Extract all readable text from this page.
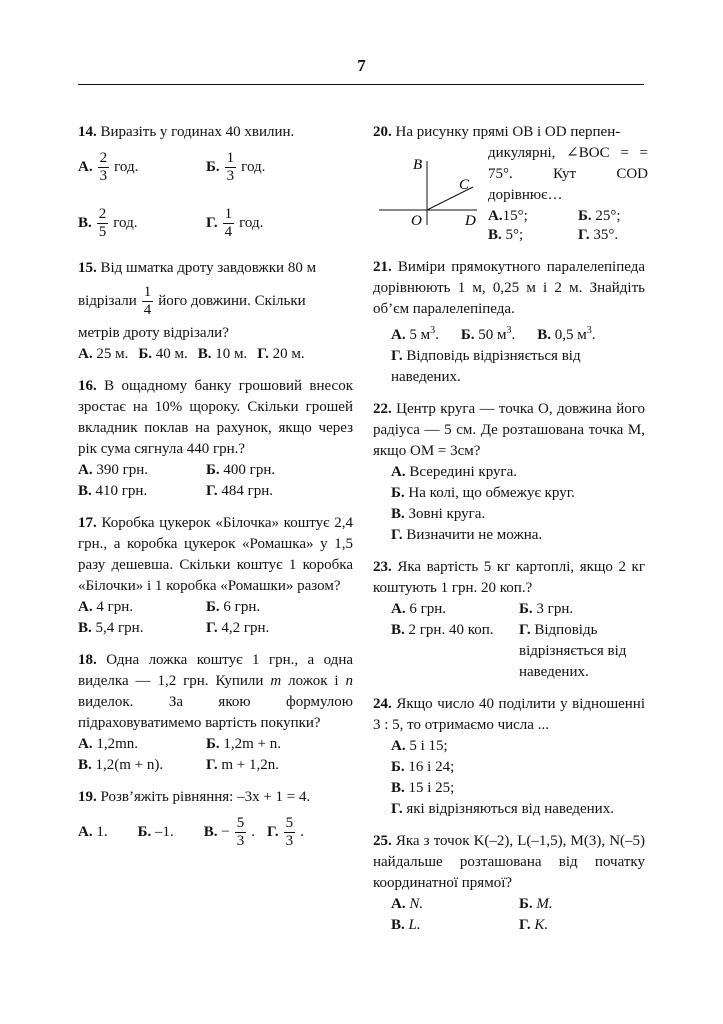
7
14. Виразіть у годинах 40 хвилин.
А. $\frac{2}{3}$ год.	Б. $\frac{1}{3}$ год.
В. $\frac{2}{5}$ год.	Г. $\frac{1}{4}$ год.
15. Від шматка дроту завдовжки 80 м
відрізали $\frac{1}{4}$ його довжини. Скільки
метрів дроту відрізали?
А. 25 м. Б. 40 м. В. 10 м. Г. 20 м.
16. В ощадному банку грошовий внесок зростає на 10% щороку. Скільки грошей вкладник поклав на рахунок, якщо через рік сума сягнула 440 грн.?
А. 390 грн.	Б. 400 грн.
В. 410 грн.	Г. 484 грн.
17. Коробка цукерок «Білочка» коштує 2,4 грн., а коробка цукерок «Ромашка» у 1,5 разу дешевша. Скільки коштує 1 коробка «Білочки» і 1 коробка «Ромашки» разом?
А. 4 грн.	Б. 6 грн.
В. 5,4 грн.	Г. 4,2 грн.
18. Одна ложка коштує 1 грн., а одна виделка — 1,2 грн. Купили m ложок і n виделок. За якою формулою підраховуватимемо вартість покупки?
А. 1,2mn.	Б. 1,2m + n.
В. 1,2(m + n).	Г. m + 1,2n.
19. Розв’яжіть рівняння: –3x + 1 = 4.
А. 1. Б. –1. В.
− $\frac{5}{3}$ . Г. $\frac{5}{3}$ .
20. На рисунку прямі OB і OD перпен-
B
C
O	D
дикулярні, ∠BOC = = 75°. Кут COD дорівнює…
А.15°;	Б. 25°;
В. 5°;	Г. 35°.
21. Виміри прямокутного паралелепіпеда дорівнюють 1 м, 0,25 м і 2 м. Знайдіть об’єм паралелепіпеда.
А. 5 $м^3$. Б. 50 $м^3$. В. 0,5 $м^3$.
Г. Відповідь відрізняється від наведених.
22. Центр круга — точка O, довжина його радіуса — 5 см. Де розташована точка M, якщо OM = 3см?
А. Всередині круга.
Б. На колі, що обмежує круг.
В. Зовні круга.
Г. Визначити не можна.
23. Яка вартість 5 кг картоплі, якщо 2 кг коштують 1 грн. 20 коп.?
А. 6 грн.	Б. 3 грн.
В. 2 грн. 40 коп.	Г. Відповідь відрізняється від наведених.
24. Якщо число 40 поділити у відношенні 3 : 5, то отримаємо числа ...
А. 5 і 15;
Б. 16 і 24;
В. 15 і 25;
Г. які відрізняються від наведених.
25. Яка з точок K(–2), L(–1,5), M(3), N(–5) найдальше розташована від початку координатної прямої?
А. N.	Б. M.
В. L.	Г. K.
